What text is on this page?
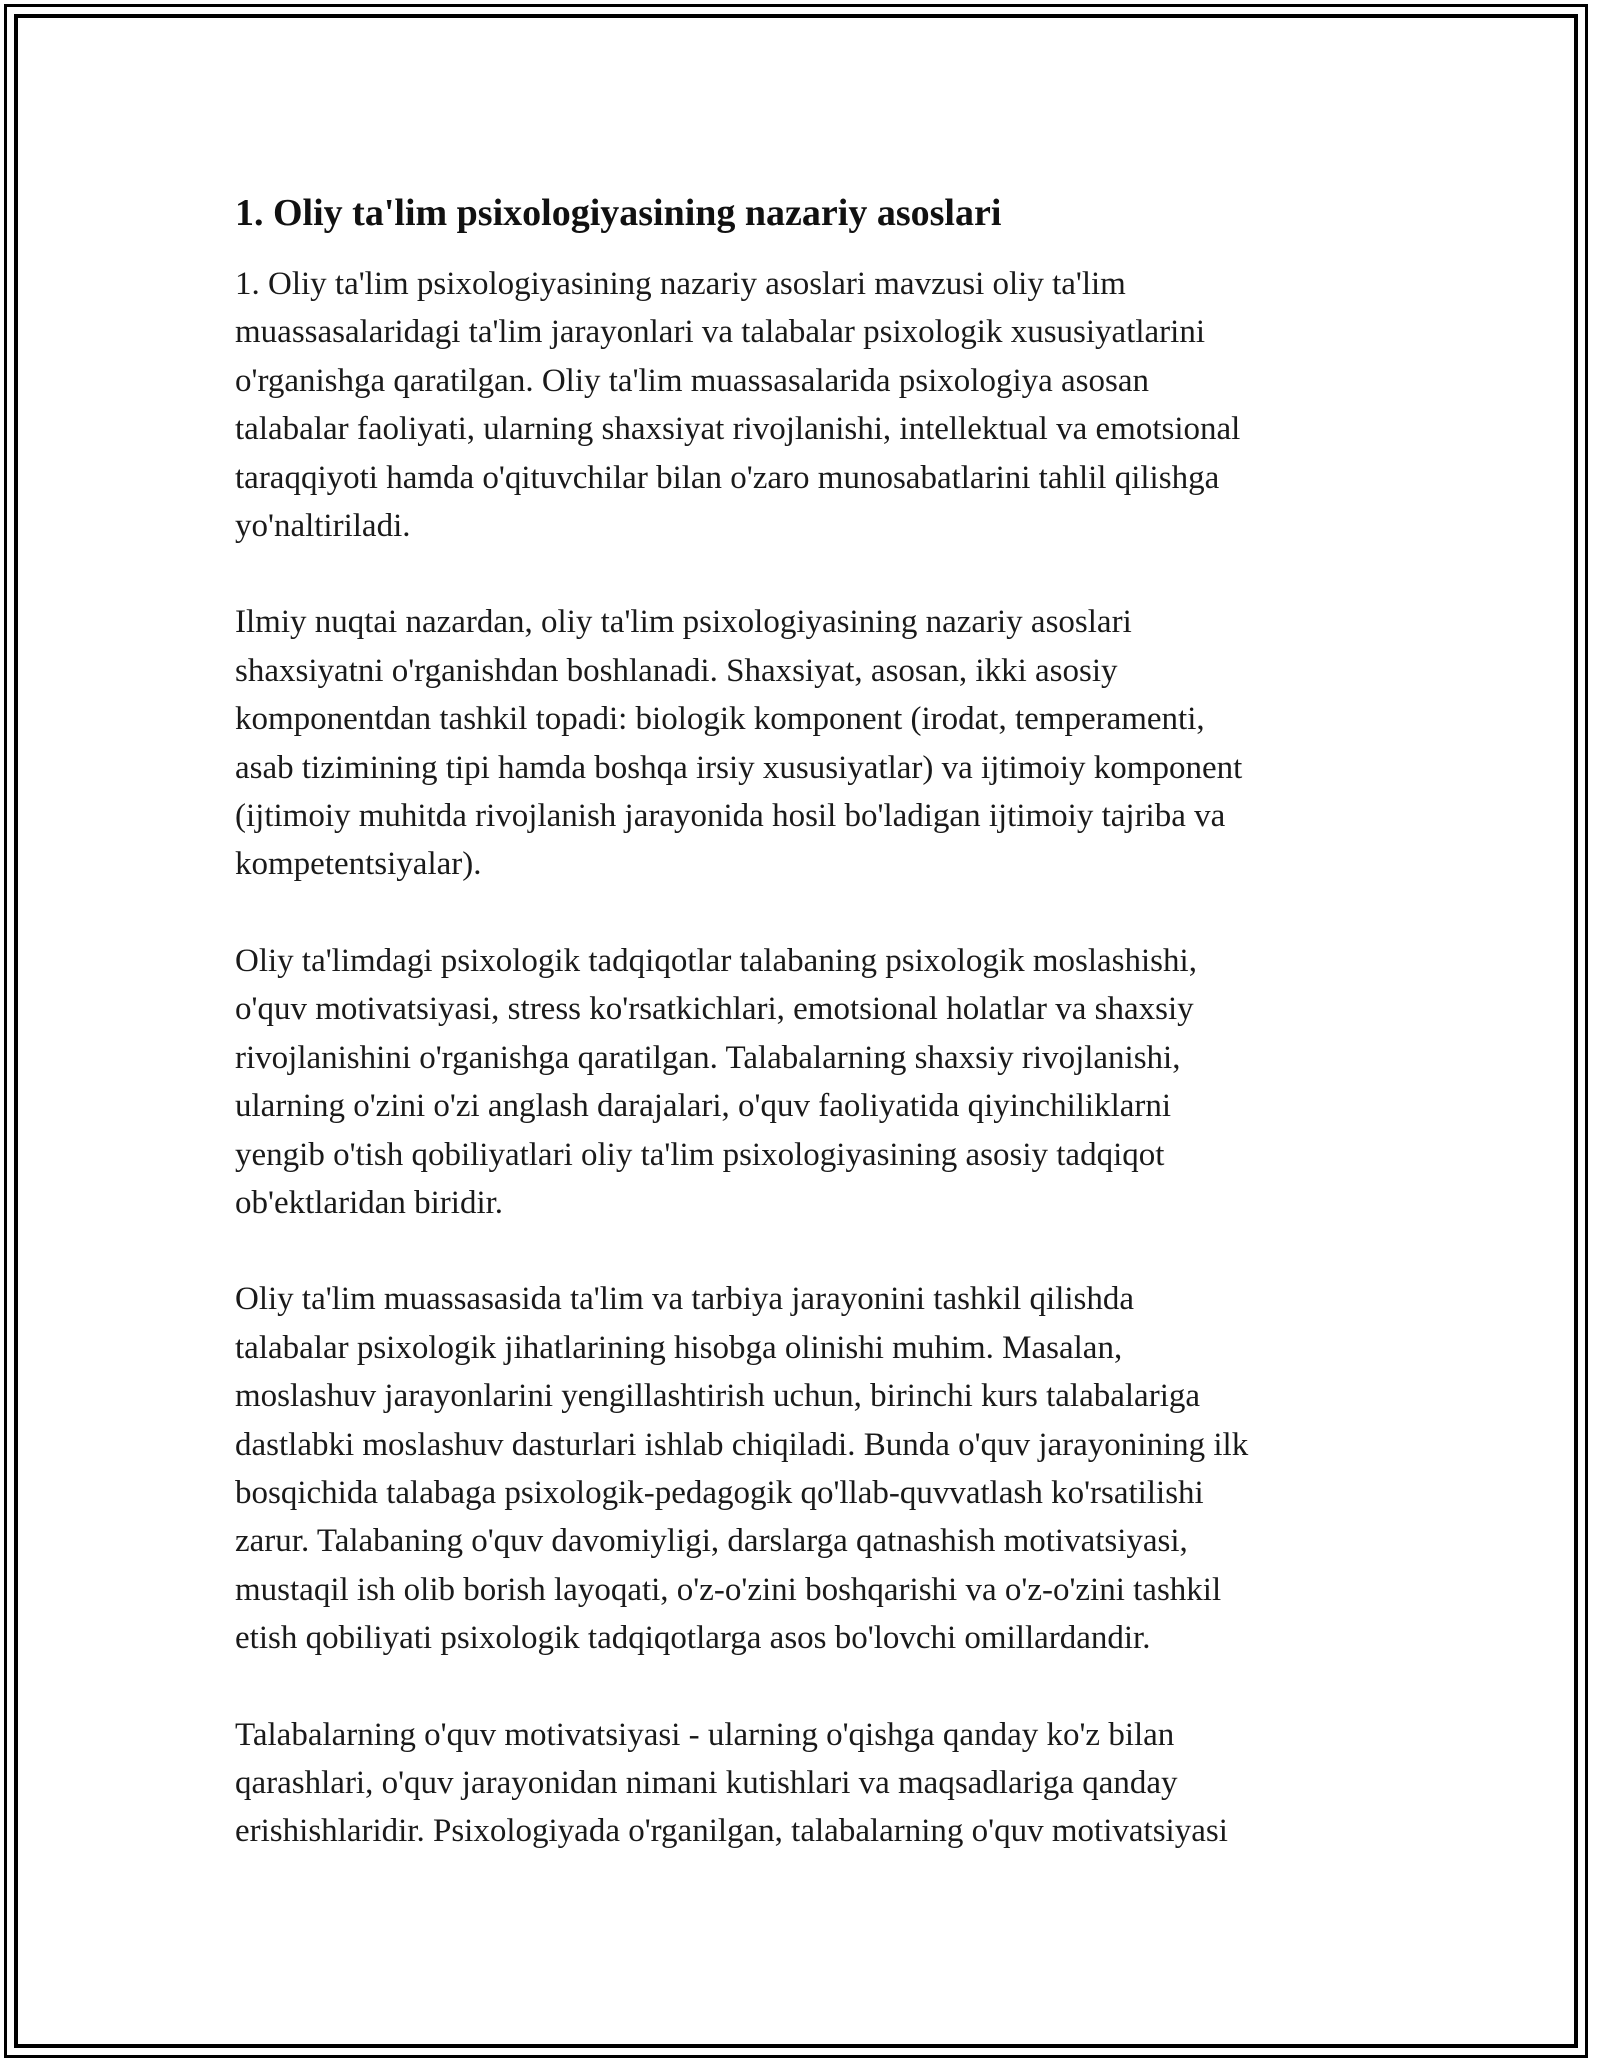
1. Oliy ta'lim psixologiyasining nazariy asoslari

1. Oliy ta'lim psixologiyasining nazariy asoslari mavzusi oliy ta'lim
muassasalaridagi ta'lim jarayonlari va talabalar psixologik xususiyatlarini
o'rganishga qaratilgan. Oliy ta'lim muassasalarida psixologiya asosan
talabalar faoliyati, ularning shaxsiyat rivojlanishi, intellektual va emotsional
taraqqiyoti hamda o'qituvchilar bilan o'zaro munosabatlarini tahlil qilishga
yo'naltiriladi.

Ilmiy nuqtai nazardan, oliy ta'lim psixologiyasining nazariy asoslari
shaxsiyatni o'rganishdan boshlanadi. Shaxsiyat, asosan, ikki asosiy
komponentdan tashkil topadi: biologik komponent (irodat, temperamenti,
asab tizimining tipi hamda boshqa irsiy xususiyatlar) va ijtimoiy komponent
(ijtimoiy muhitda rivojlanish jarayonida hosil bo'ladigan ijtimoiy tajriba va
kompetentsiyalar).

Oliy ta'limdagi psixologik tadqiqotlar talabaning psixologik moslashishi,
o'quv motivatsiyasi, stress ko'rsatkichlari, emotsional holatlar va shaxsiy
rivojlanishini o'rganishga qaratilgan. Talabalarning shaxsiy rivojlanishi,
ularning o'zini o'zi anglash darajalari, o'quv faoliyatida qiyinchiliklarni
yengib o'tish qobiliyatlari oliy ta'lim psixologiyasining asosiy tadqiqot
ob'ektlaridan biridir.

Oliy ta'lim muassasasida ta'lim va tarbiya jarayonini tashkil qilishda
talabalar psixologik jihatlarining hisobga olinishi muhim. Masalan,
moslashuv jarayonlarini yengillashtirish uchun, birinchi kurs talabalariga
dastlabki moslashuv dasturlari ishlab chiqiladi. Bunda o'quv jarayonining ilk
bosqichida talabaga psixologik-pedagogik qo'llab-quvvatlash ko'rsatilishi
zarur. Talabaning o'quv davomiyligi, darslarga qatnashish motivatsiyasi,
mustaqil ish olib borish layoqati, o'z-o'zini boshqarishi va o'z-o'zini tashkil
etish qobiliyati psixologik tadqiqotlarga asos bo'lovchi omillardandir.

Talabalarning o'quv motivatsiyasi - ularning o'qishga qanday ko'z bilan
qarashlari, o'quv jarayonidan nimani kutishlari va maqsadlariga qanday
erishishlaridir. Psixologiyada o'rganilgan, talabalarning o'quv motivatsiyasi
